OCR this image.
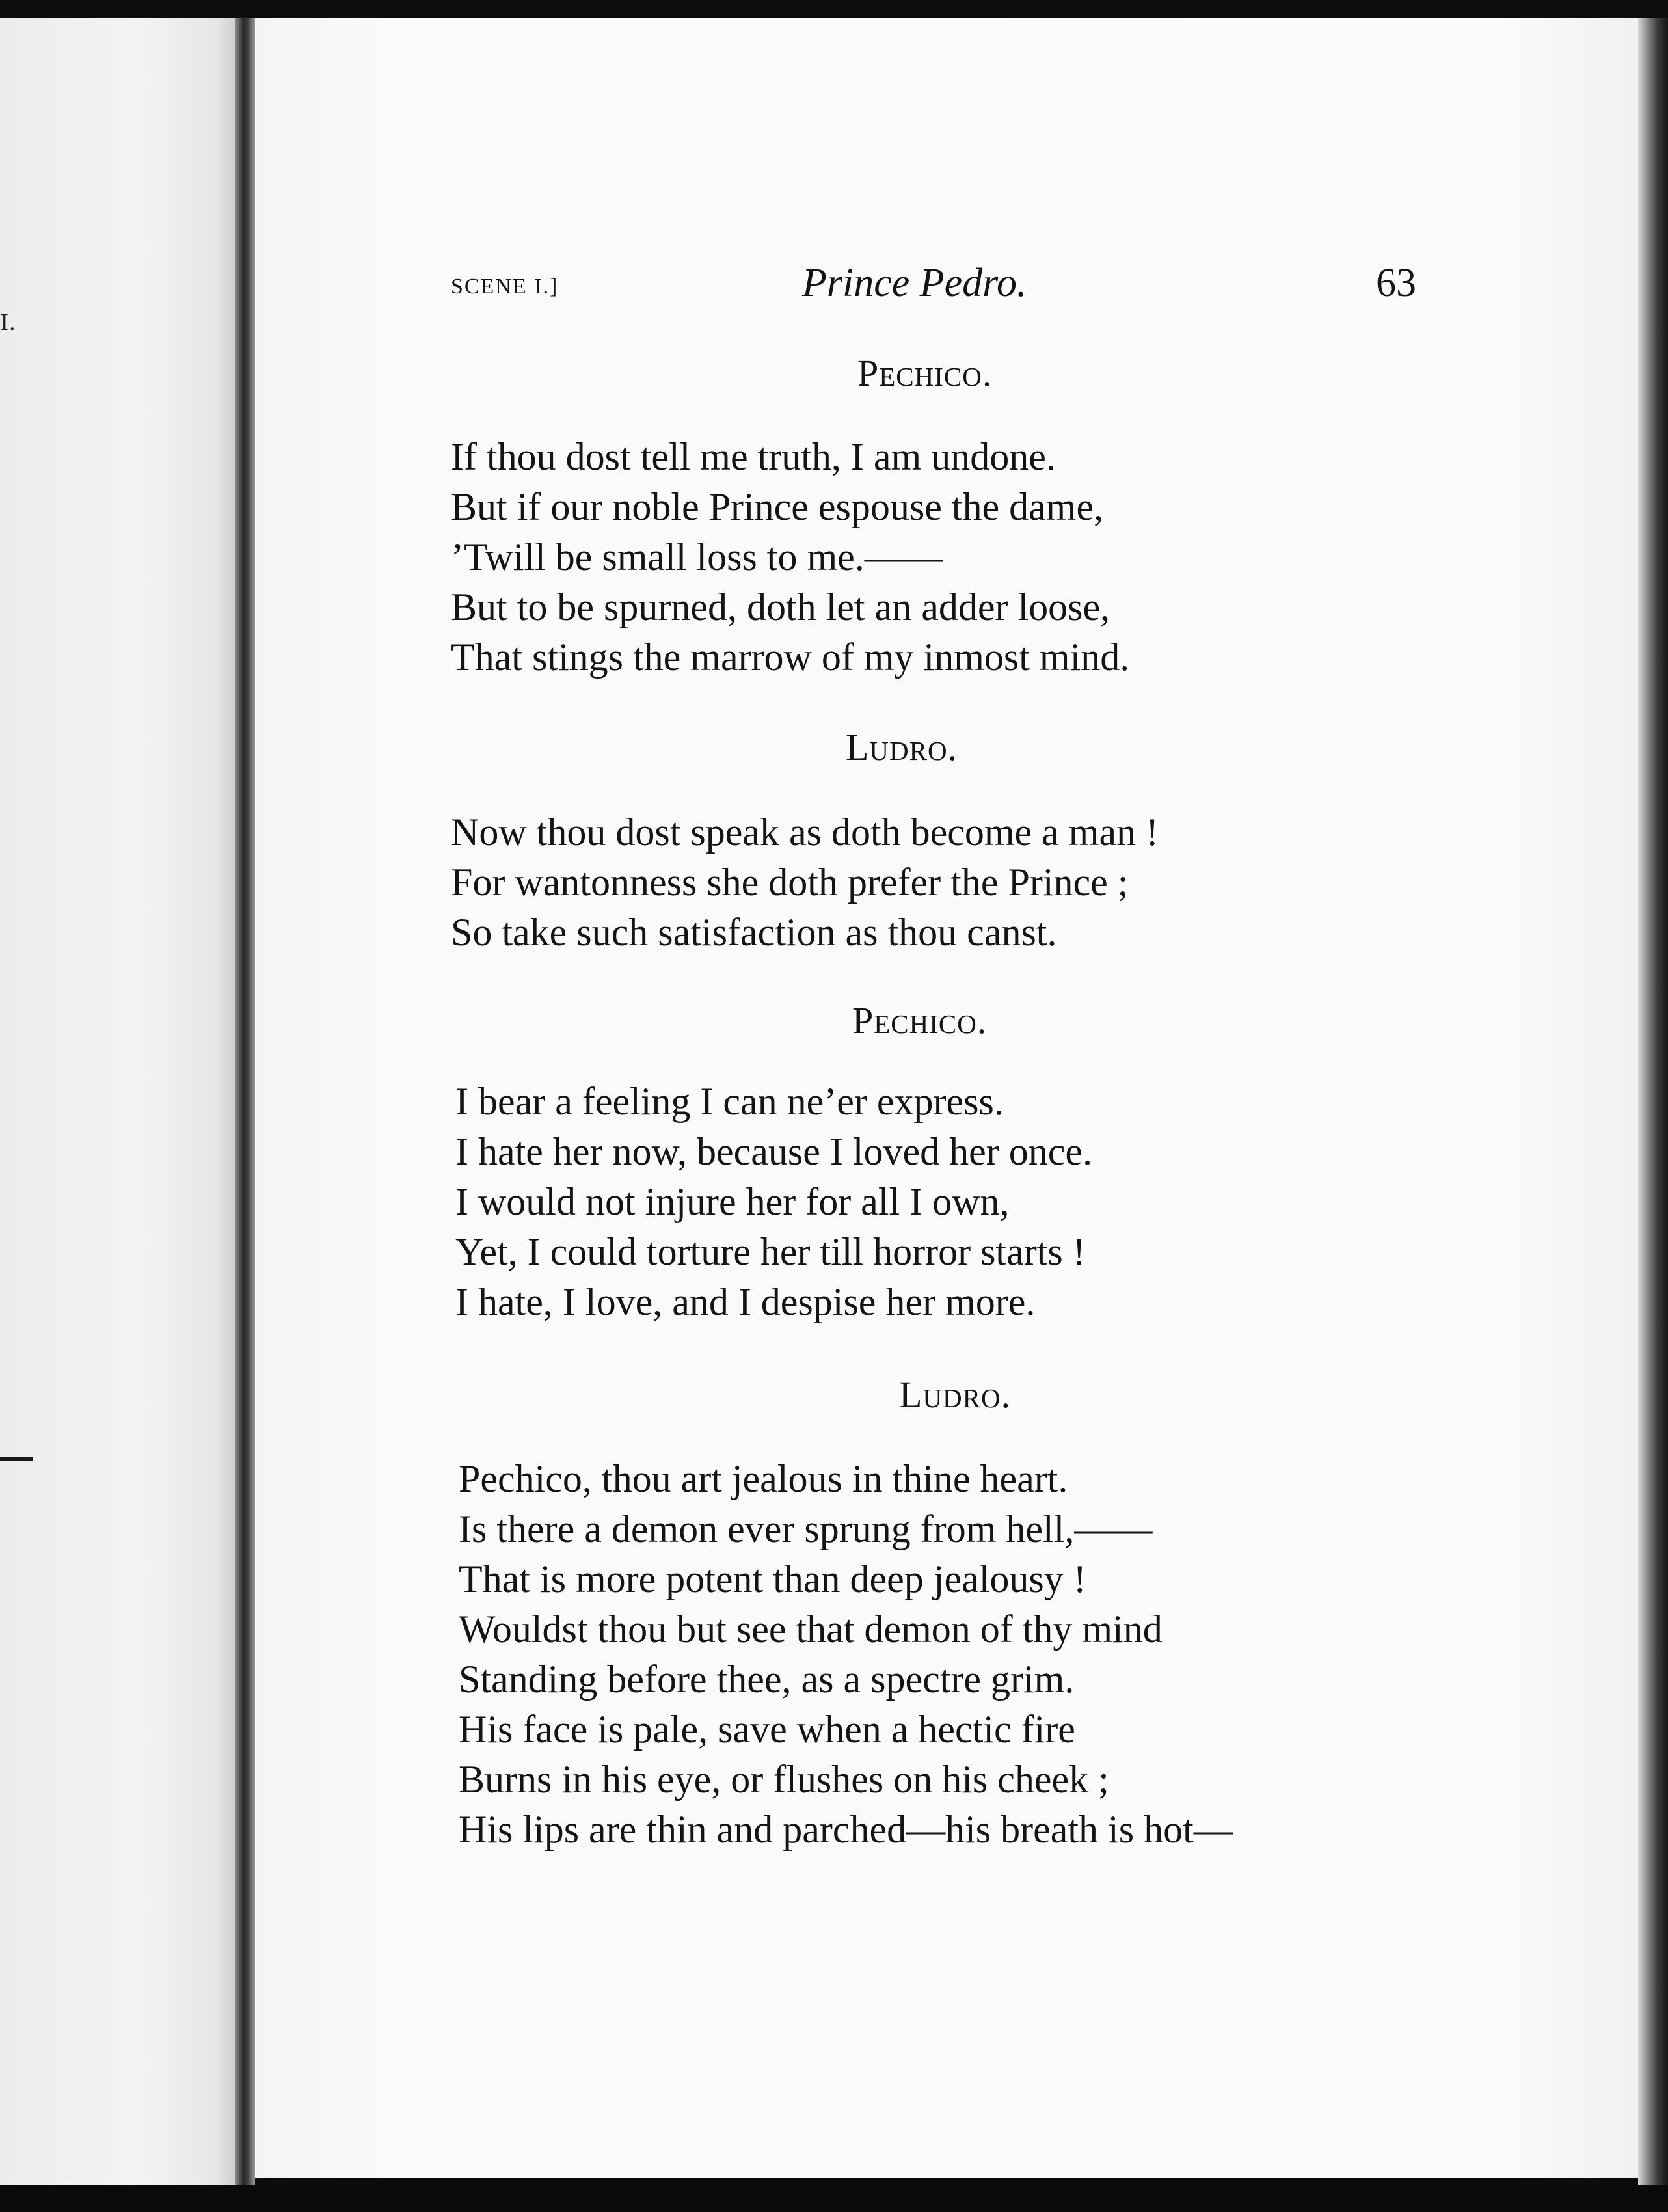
I.

SCENE I.]	Prince Pedro.	63

Pechico.

If thou dost tell me truth, I am undone.
But if our noble Prince espouse the dame,
’Twill be small loss to me.——
But to be spurned, doth let an adder loose,
That stings the marrow of my inmost mind.

Ludro.

Now thou dost speak as doth become a man !
For wantonness she doth prefer the Prince ;
So take such satisfaction as thou canst.

Pechico.

I bear a feeling I can ne’er express.
I hate her now, because I loved her once.
I would not injure her for all I own,
Yet, I could torture her till horror starts !
I hate, I love, and I despise her more.

Ludro.

Pechico, thou art jealous in thine heart.
Is there a demon ever sprung from hell,——
That is more potent than deep jealousy !
Wouldst thou but see that demon of thy mind
Standing before thee, as a spectre grim.
His face is pale, save when a hectic fire
Burns in his eye, or flushes on his cheek ;
His lips are thin and parched—his breath is hot—
